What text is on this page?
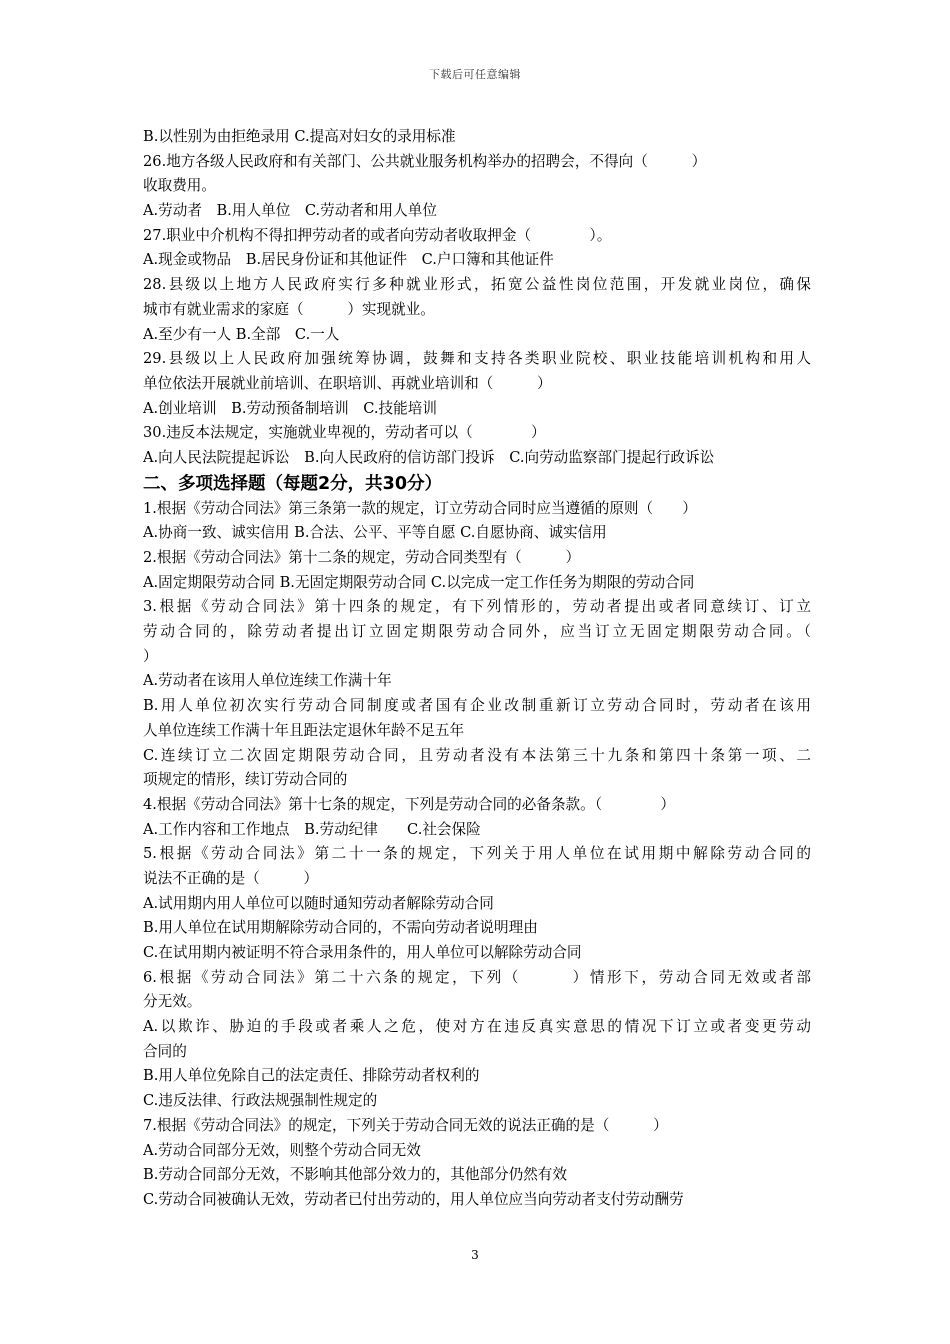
下载后可任意编辑
B.以性别为由拒绝录用 C.提高对妇女的录用标准
26.地方各级人民政府和有关部门、公共就业服务机构举办的招聘会，不得向（　　　）
收取费用。
A.劳动者　B.用人单位　C.劳动者和用人单位
27.职业中介机构不得扣押劳动者的或者向劳动者收取押金（　　　　）。
A.现金或物品　B.居民身份证和其他证件　C.户口簿和其他证件
28.县级以上地方人民政府实行多种就业形式，拓宽公益性岗位范围，开发就业岗位，确保
城市有就业需求的家庭（　　　）实现就业。
A.至少有一人 B.全部　C.一人
29.县级以上人民政府加强统筹协调，鼓舞和支持各类职业院校、职业技能培训机构和用人
单位依法开展就业前培训、在职培训、再就业培训和（　　　）
A.创业培训　B.劳动预备制培训　C.技能培训
30.违反本法规定，实施就业卑视的，劳动者可以（　　　　）
A.向人民法院提起诉讼　B.向人民政府的信访部门投诉　C.向劳动监察部门提起行政诉讼
二、多项选择题（每题2分，共30分）
1.根据《劳动合同法》第三条第一款的规定，订立劳动合同时应当遵循的原则（　　）
A.协商一致、诚实信用 B.合法、公平、平等自愿 C.自愿协商、诚实信用
2.根据《劳动合同法》第十二条的规定，劳动合同类型有（　　　）
A.固定期限劳动合同 B.无固定期限劳动合同 C.以完成一定工作任务为期限的劳动合同
3.根据《劳动合同法》第十四条的规定，有下列情形的，劳动者提出或者同意续订、订立
劳动合同的，除劳动者提出订立固定期限劳动合同外，应当订立无固定期限劳动合同。（
）
A.劳动者在该用人单位连续工作满十年
B.用人单位初次实行劳动合同制度或者国有企业改制重新订立劳动合同时，劳动者在该用
人单位连续工作满十年且距法定退休年龄不足五年
C.连续订立二次固定期限劳动合同，且劳动者没有本法第三十九条和第四十条第一项、二
项规定的情形，续订劳动合同的
4.根据《劳动合同法》第十七条的规定，下列是劳动合同的必备条款。（　　　　）
A.工作内容和工作地点　B.劳动纪律　　C.社会保险
5.根据《劳动合同法》第二十一条的规定，下列关于用人单位在试用期中解除劳动合同的
说法不正确的是（　　　）
A.试用期内用人单位可以随时通知劳动者解除劳动合同
B.用人单位在试用期解除劳动合同的，不需向劳动者说明理由
C.在试用期内被证明不符合录用条件的，用人单位可以解除劳动合同
6.根据《劳动合同法》第二十六条的规定，下列（　　　）情形下，劳动合同无效或者部
分无效。
A.以欺诈、胁迫的手段或者乘人之危，使对方在违反真实意思的情况下订立或者变更劳动
合同的
B.用人单位免除自己的法定责任、排除劳动者权利的
C.违反法律、行政法规强制性规定的
7.根据《劳动合同法》的规定，下列关于劳动合同无效的说法正确的是（　　　）
A.劳动合同部分无效，则整个劳动合同无效
B.劳动合同部分无效，不影响其他部分效力的，其他部分仍然有效
C.劳动合同被确认无效，劳动者已付出劳动的，用人单位应当向劳动者支付劳动酬劳
3
